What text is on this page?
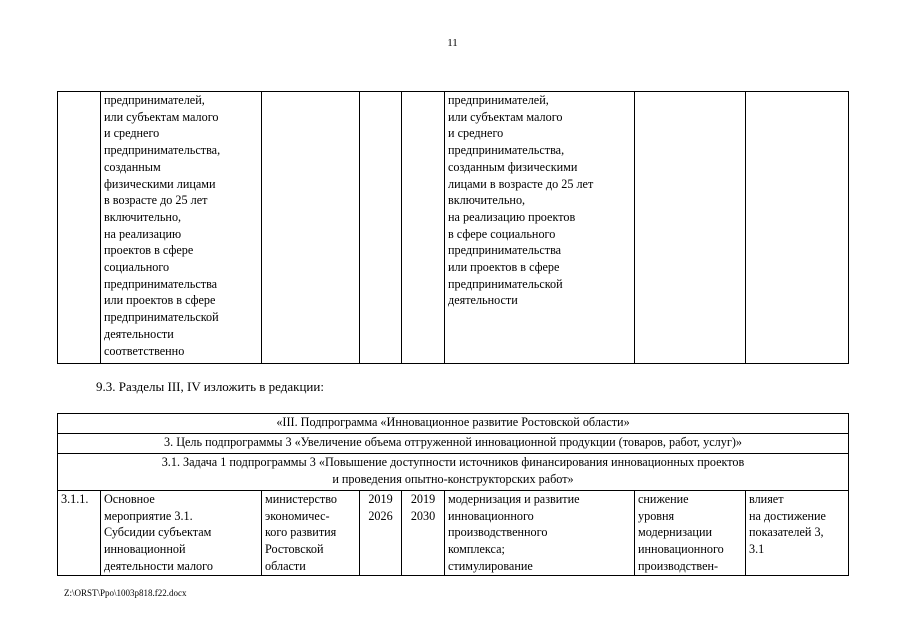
11
	предпринимателей,
или субъектам малого
и среднего
предпринимательства,
созданным
физическими лицами
в возрасте до 25 лет
включительно,
на реализацию
проектов в сфере
социального
предпринимательства
или проектов в сфере
предпринимательской
деятельности
соответственно				предпринимателей,
или субъектам малого
и среднего
предпринимательства,
созданным физическими
лицами в возрасте до 25 лет
включительно,
на реализацию проектов
в сфере социального
предпринимательства
или проектов в сфере
предпринимательской
деятельности		
9.3. Разделы III, IV изложить в редакции:
«III. Подпрограмма «Инновационное развитие Ростовской области»
3. Цель подпрограммы 3 «Увеличение объема отгруженной инновационной продукции (товаров, работ, услуг)»
3.1. Задача 1 подпрограммы 3 «Повышение доступности источников финансирования инновационных проектов
и проведения опытно-конструкторских работ»
3.1.1.	Основное
мероприятие 3.1.
Субсидии субъектам
инновационной
деятельности малого	министерство
экономичес-
кого развития
Ростовской
области	2019
2026	2019
2030	модернизация и развитие
инновационного
производственного
комплекса;
стимулирование	снижение
уровня
модернизации
инновационного
производствен-	влияет
на достижение
показателей 3,
3.1
Z:\ORST\Ppo\1003p818.f22.docx
